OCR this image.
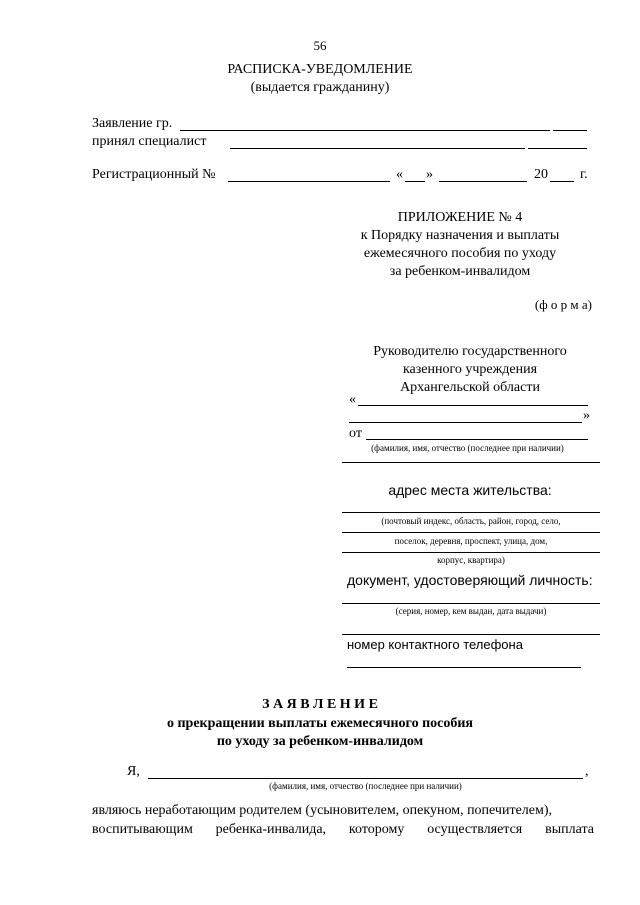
56
РАСПИСКА-УВЕДОМЛЕНИЕ
(выдается гражданину)
Заявление гр.
принял специалист
Регистрационный №	« »	20 г.
ПРИЛОЖЕНИЕ № 4
к Порядку назначения и выплаты
ежемесячного пособия по уходу
за ребенком-инвалидом
(ф о р м а)
Руководителю государственного
казенного учреждения
Архангельской области
«
»
от
(фамилия, имя, отчество (последнее при наличии)
адрес места жительства:
(почтовый индекс, область, район, город, село,
поселок, деревня, проспект, улица, дом,
корпус, квартира)
документ, удостоверяющий личность:
(серия, номер, кем выдан, дата выдачи)
номер контактного телефона
З А Я В Л Е Н И Е
о прекращении выплаты ежемесячного пособия
по уходу за ребенком-инвалидом
Я,	,
(фамилия, имя, отчество (последнее при наличии)
являюсь неработающим родителем (усыновителем, опекуном, попечителем),
воспитывающим ребенка-инвалида, которому осуществляется выплата
